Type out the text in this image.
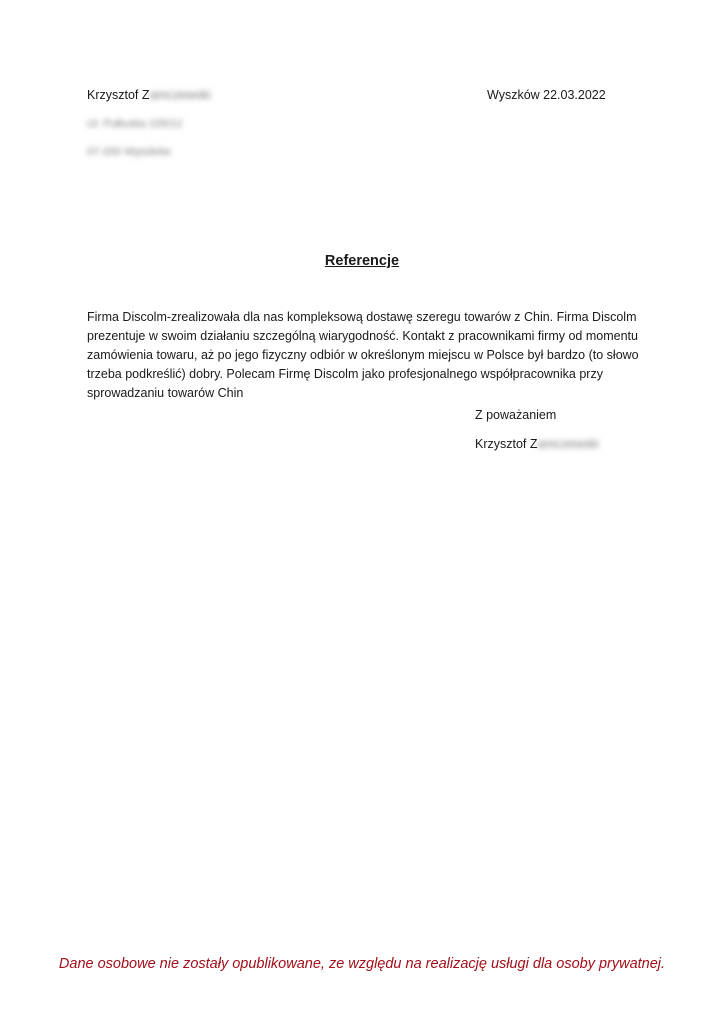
Krzysztof Zamczewski
Ul. Pułtuska 105/12
07-200 Wyszków
Wyszków 22.03.2022
Referencje
Firma Discolm-zrealizowała dla nas kompleksową dostawę szeregu towarów z Chin. Firma Discolm
prezentuje w swoim działaniu szczególną wiarygodność. Kontakt z pracownikami firmy od momentu
zamówienia towaru, aż po jego fizyczny odbiór w określonym miejscu w Polsce był bardzo (to słowo
trzeba podkreślić) dobry. Polecam Firmę Discolm jako profesjonalnego współpracownika przy
sprowadzaniu towarów Chin
Z poważaniem
Krzysztof Zamczewski
Dane osobowe nie zostały opublikowane, ze względu na realizację usługi dla osoby prywatnej.
